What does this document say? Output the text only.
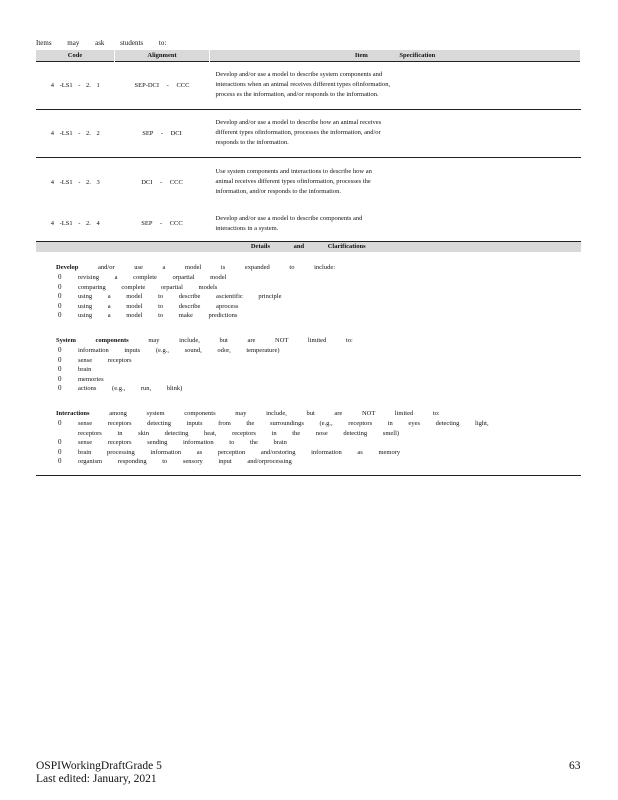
Items may ask students to:
Code	Alignment	Item Specification
4 -LS1 - 2. 1	SEP-DCI - CCC	Develop and/or use a model to describe system components and
interactions when an animal receives different types ofinformation,
process es the information, and/or responds to the information.

4 -LS1 - 2. 2	SEP - DCI	Develop and/or use a model to describe how an animal receives
different types ofinformation, processes the information, and/or
responds to the information.

4 -LS1 - 2. 3	DCI - CCC	Use system components and interactions to describe how an
animal receives different types ofinformation, processes the
information, and/or responds to the information.

4 -LS1 - 2. 4	SEP - CCC	Develop and/or use a model to describe components and
interactions in a system.

Details and Clarifications		
Develop	and/or use a model is expanded to include:
0	revising a complete orpartial model
0	comparing complete orpartial models
0	using a model to describe ascientific principle
0	using a model to describe aprocess
0	using a model to make predictions
System components	may include, but are NOT limited to:
0	information inputs (e.g., sound, odor, temperature)
0	sense receptors
0	brain
0	memories
0	actions (e.g., run, blink)
Interactions	among system components may include, but are NOT limited to:
0	sense receptors detecting inputs from the surroundings (e.g., receptors in eyes detecting light,
receptors in skin detecting heat, receptors in the nose detecting smell)
0	sense receptors sending information to the brain
0	brain processing information as perception and/orstoring information as memory
0	organism responding to sensory input and/orprocessing
OSPIWorkingDraftGrade 5
Last edited: January, 2021
63
